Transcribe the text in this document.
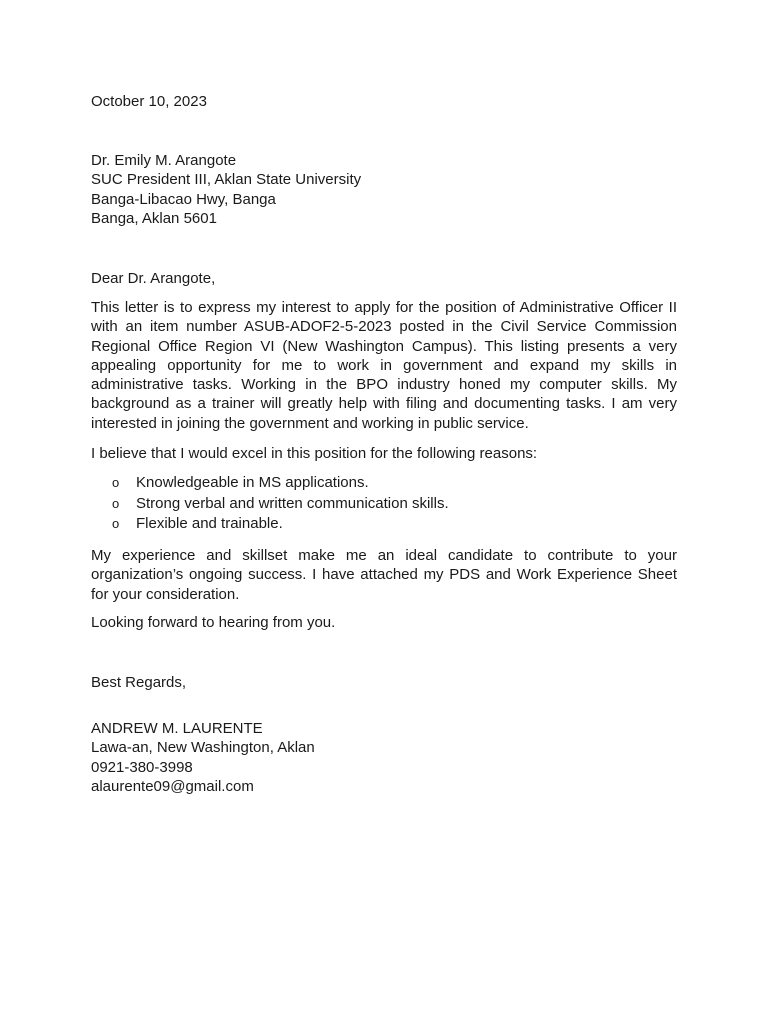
October 10, 2023

Dr. Emily M. Arangote
SUC President III, Aklan State University
Banga-Libacao Hwy, Banga
Banga, Aklan 5601

Dear Dr. Arangote,

This letter is to express my interest to apply for the position of Administrative Officer II with an item number ASUB-ADOF2-5-2023 posted in the Civil Service Commission Regional Office Region VI (New Washington Campus). This listing presents a very appealing opportunity for me to work in government and expand my skills in administrative tasks. Working in the BPO industry honed my computer skills. My background as a trainer will greatly help with filing and documenting tasks. I am very interested in joining the government and working in public service.

I believe that I would excel in this position for the following reasons:

o Knowledgeable in MS applications.
o Strong verbal and written communication skills.
o Flexible and trainable.

My experience and skillset make me an ideal candidate to contribute to your organization’s ongoing success. I have attached my PDS and Work Experience Sheet for your consideration.

Looking forward to hearing from you.

Best Regards,

ANDREW M. LAURENTE
Lawa-an, New Washington, Aklan
0921-380-3998
alaurente09@gmail.com
